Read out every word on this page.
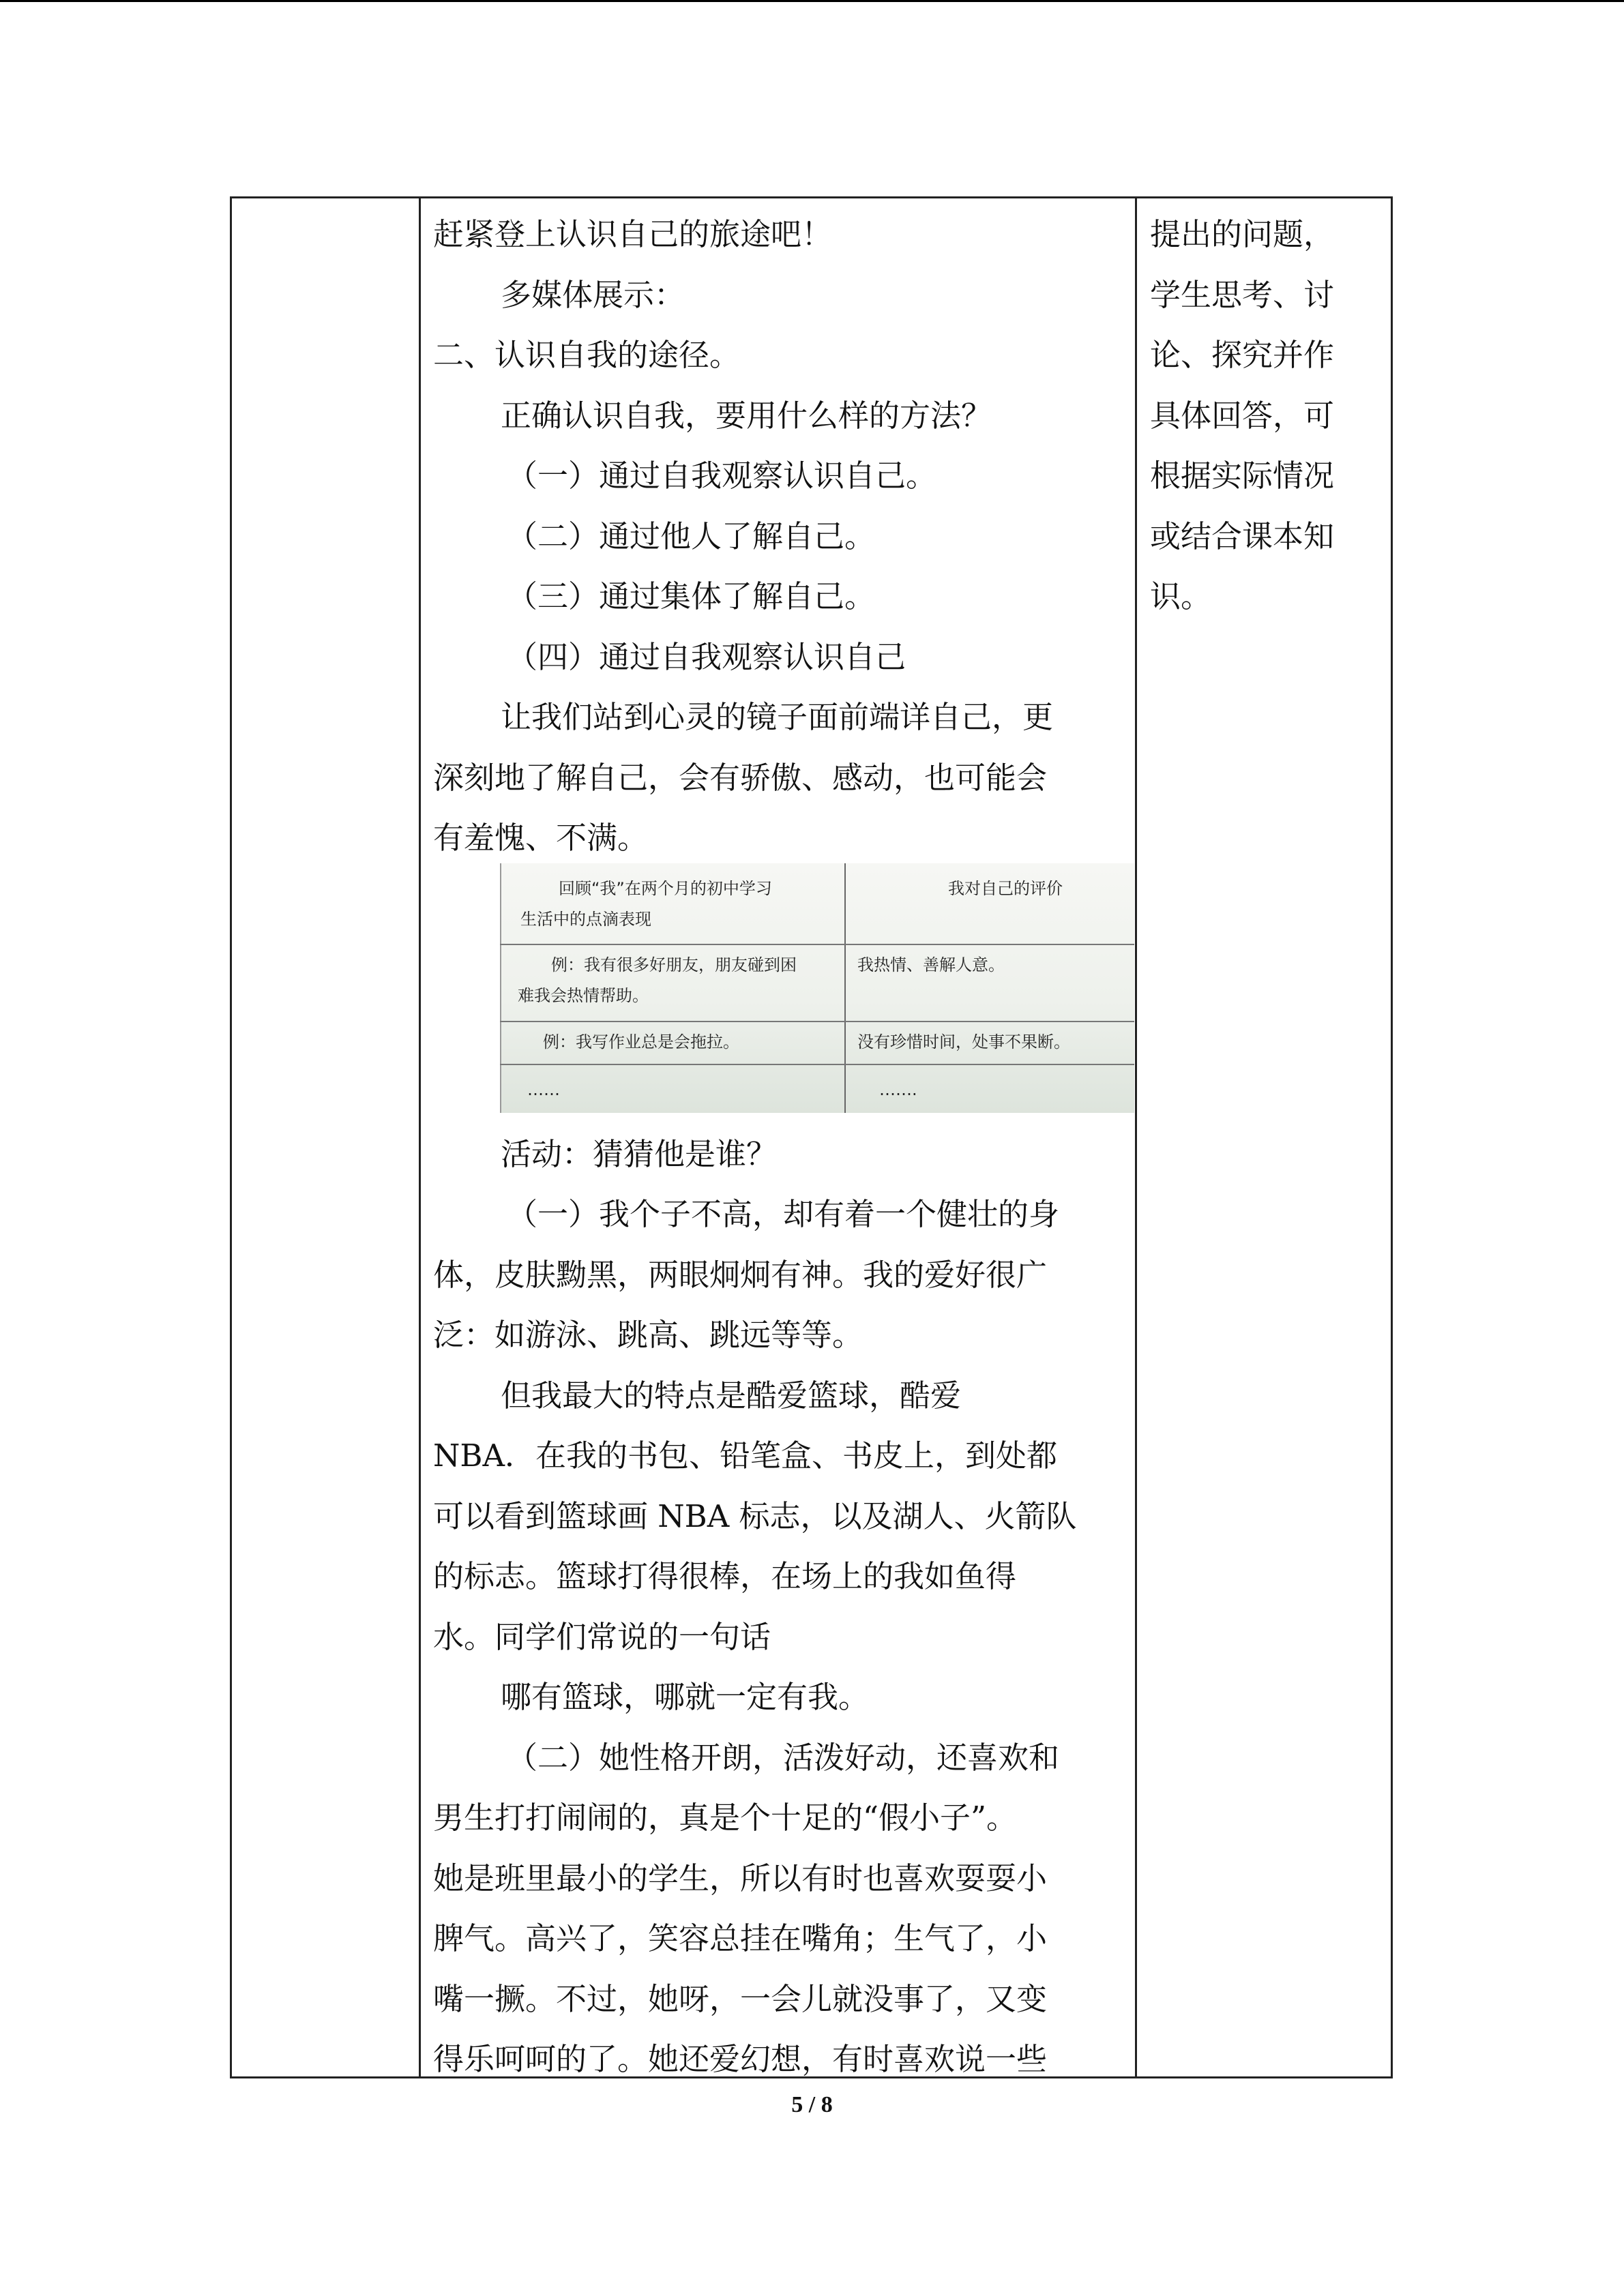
赶紧登上认识自己的旅途吧！

多媒体展示：

二、认识自我的途径。

正确认识自我，要用什么样的方法？

（一）通过自我观察认识自己。

（二）通过他人了解自己。

（三）通过集体了解自己。

（四）通过自我观察认识自己

让我们站到心灵的镜子面前端详自己，更

深刻地了解自己，会有骄傲、感动，也可能会

有羞愧、不满。

活动：猜猜他是谁？

（一）我个子不高，却有着一个健壮的身

体，皮肤黝黑，两眼炯炯有神。我的爱好很广

泛：如游泳、跳高、跳远等等。

但我最大的特点是酷爱篮球，酷爱

NBA．在我的书包、铅笔盒、书皮上，到处都

可以看到篮球画 NBA 标志，以及湖人、火箭队

的标志。篮球打得很棒，在场上的我如鱼得

水。同学们常说的一句话

哪有篮球，哪就一定有我。

（二）她性格开朗，活泼好动，还喜欢和

男生打打闹闹的，真是个十足的“假小子”。

她是班里最小的学生，所以有时也喜欢耍耍小

脾气。高兴了，笑容总挂在嘴角；生气了，小

嘴一撅。不过，她呀，一会儿就没事了，又变

得乐呵呵的了。她还爱幻想，有时喜欢说一些

回顾“我”在两个月的初中学习
生活中的点滴表现
我对自己的评价
例：我有很多好朋友，朋友碰到困
难我会热情帮助。
我热情、善解人意。
例：我写作业总是会拖拉。	没有珍惜时间，处事不果断。
……	…….

提出的问题，

学生思考、讨

论、探究并作

具体回答，可

根据实际情况

或结合课本知

识。

5 / 8
